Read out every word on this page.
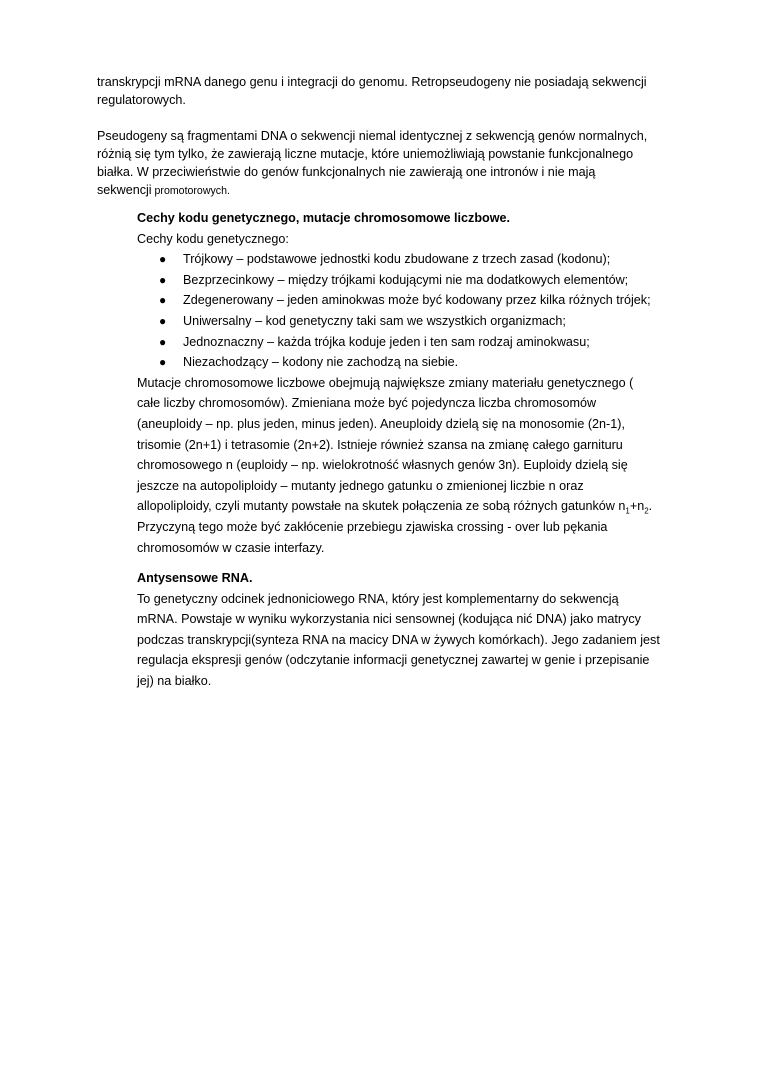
transkrypcji mRNA danego genu i integracji do genomu. Retropseudogeny nie posiadają sekwencji
regulatorowych.

Pseudogeny są fragmentami DNA o sekwencji niemal identycznej z sekwencją genów normalnych,
różnią się tym tylko, że zawierają liczne mutacje, które uniemożliwiają powstanie funkcjonalnego
białka. W przeciwieństwie do genów funkcjonalnych nie zawierają one intronów i nie mają
sekwencji promotorowych.

Cechy kodu genetycznego, mutacje chromosomowe liczbowe.

Cechy kodu genetycznego:

● Trójkowy – podstawowe jednostki kodu zbudowane z trzech zasad (kodonu);
● Bezprzecinkowy – między trójkami kodującymi nie ma dodatkowych elementów;
● Zdegenerowany – jeden aminokwas może być kodowany przez kilka różnych trójek;
● Uniwersalny – kod genetyczny taki sam we wszystkich organizmach;
● Jednoznaczny – każda trójka koduje jeden i ten sam rodzaj aminokwasu;
● Niezachodzący – kodony nie zachodzą na siebie.

Mutacje chromosomowe liczbowe obejmują największe zmiany materiału genetycznego (
całe liczby chromosomów). Zmieniana może być pojedyncza liczba chromosomów
(aneuploidy – np. plus jeden, minus jeden). Aneuploidy dzielą się na monosomie (2n-1),
trisomie (2n+1) i tetrasomie (2n+2). Istnieje również szansa na zmianę całego garnituru
chromosowego n (euploidy – np. wielokrotność własnych genów 3n). Euploidy dzielą się
jeszcze na autopoliploidy – mutanty jednego gatunku o zmienionej liczbie n oraz
allopoliploidy, czyli mutanty powstałe na skutek połączenia ze sobą różnych gatunków $n_1+n_2$.
Przyczyną tego może być zakłócenie przebiegu zjawiska crossing - over lub pękania
chromosomów w czasie interfazy.

Antysensowe RNA.

To genetyczny odcinek jednoniciowego RNA, który jest komplementarny do sekwencją
mRNA. Powstaje w wyniku wykorzystania nici sensownej (kodująca nić DNA) jako matrycy
podczas transkrypcji(synteza RNA na macicy DNA w żywych komórkach). Jego zadaniem jest
regulacja ekspresji genów (odczytanie informacji genetycznej zawartej w genie i przepisanie
jej) na białko.
